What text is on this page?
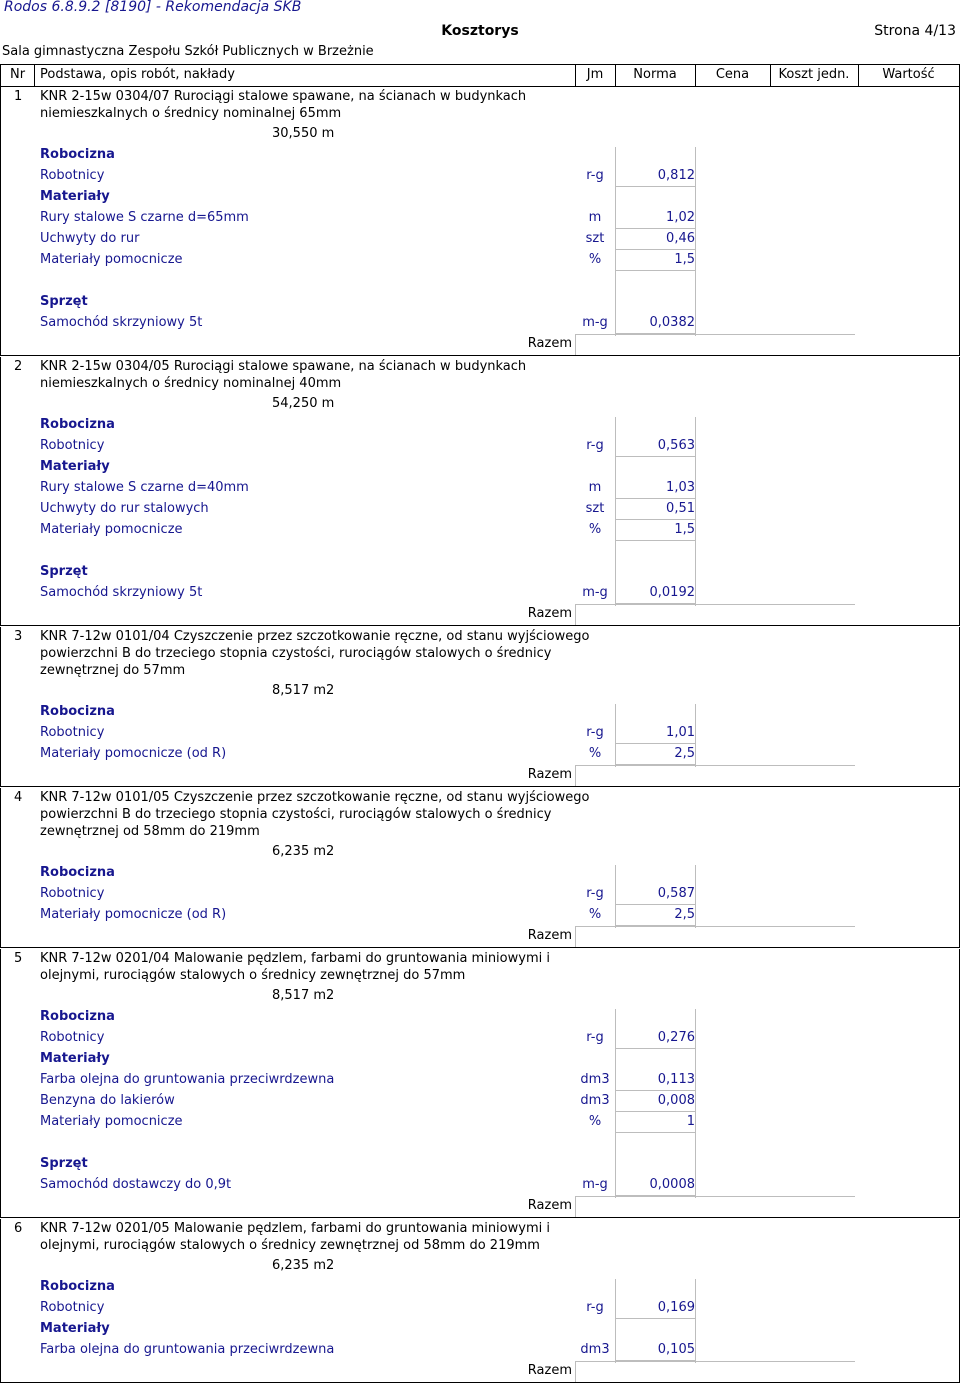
Rodos 6.8.9.2 [8190] - Rekomendacja SKB
Kosztorys	Strona 4/13
Sala gimnastyczna Zespołu Szkół Publicznych w Brzeżnie
Nr Podstawa, opis robót, nakłady	Jm	Norma	Cena	Koszt jedn.	Wartość
1 KNR 2-15w 0304/07 Rurociągi stalowe spawane, na ścianach w budynkach
niemieszkalnych o średnicy nominalnej 65mm
30,550 m
Robocizna
Robotnicy	r-g	0,812
Materiały
Rury stalowe S czarne d=65mm	m	1,02
Uchwyty do rur	szt	0,46
Materiały pomocnicze	%	1,5
Sprzęt
Samochód skrzyniowy 5t	m-g	0,0382
Razem
2 KNR 2-15w 0304/05 Rurociągi stalowe spawane, na ścianach w budynkach
niemieszkalnych o średnicy nominalnej 40mm
54,250 m
Robocizna
Robotnicy	r-g	0,563
Materiały
Rury stalowe S czarne d=40mm	m	1,03
Uchwyty do rur stalowych	szt	0,51
Materiały pomocnicze	%	1,5
Sprzęt
Samochód skrzyniowy 5t	m-g	0,0192
Razem
3 KNR 7-12w 0101/04 Czyszczenie przez szczotkowanie ręczne, od stanu wyjściowego
powierzchni B do trzeciego stopnia czystości, rurociągów stalowych o średnicy
zewnętrznej do 57mm
8,517 m2
Robocizna
Robotnicy	r-g	1,01
Materiały pomocnicze (od R)	%	2,5
Razem
4 KNR 7-12w 0101/05 Czyszczenie przez szczotkowanie ręczne, od stanu wyjściowego
powierzchni B do trzeciego stopnia czystości, rurociągów stalowych o średnicy
zewnętrznej od 58mm do 219mm
6,235 m2
Robocizna
Robotnicy	r-g	0,587
Materiały pomocnicze (od R)	%	2,5
Razem
5 KNR 7-12w 0201/04 Malowanie pędzlem, farbami do gruntowania miniowymi i
olejnymi, rurociągów stalowych o średnicy zewnętrznej do 57mm
8,517 m2
Robocizna
Robotnicy	r-g	0,276
Materiały
Farba olejna do gruntowania przeciwrdzewna	dm3	0,113
Benzyna do lakierów	dm3	0,008
Materiały pomocnicze	%	1
Sprzęt
Samochód dostawczy do 0,9t	m-g	0,0008
Razem
6 KNR 7-12w 0201/05 Malowanie pędzlem, farbami do gruntowania miniowymi i
olejnymi, rurociągów stalowych o średnicy zewnętrznej od 58mm do 219mm
6,235 m2
Robocizna
Robotnicy	r-g	0,169
Materiały
Farba olejna do gruntowania przeciwrdzewna	dm3	0,105
Razem
